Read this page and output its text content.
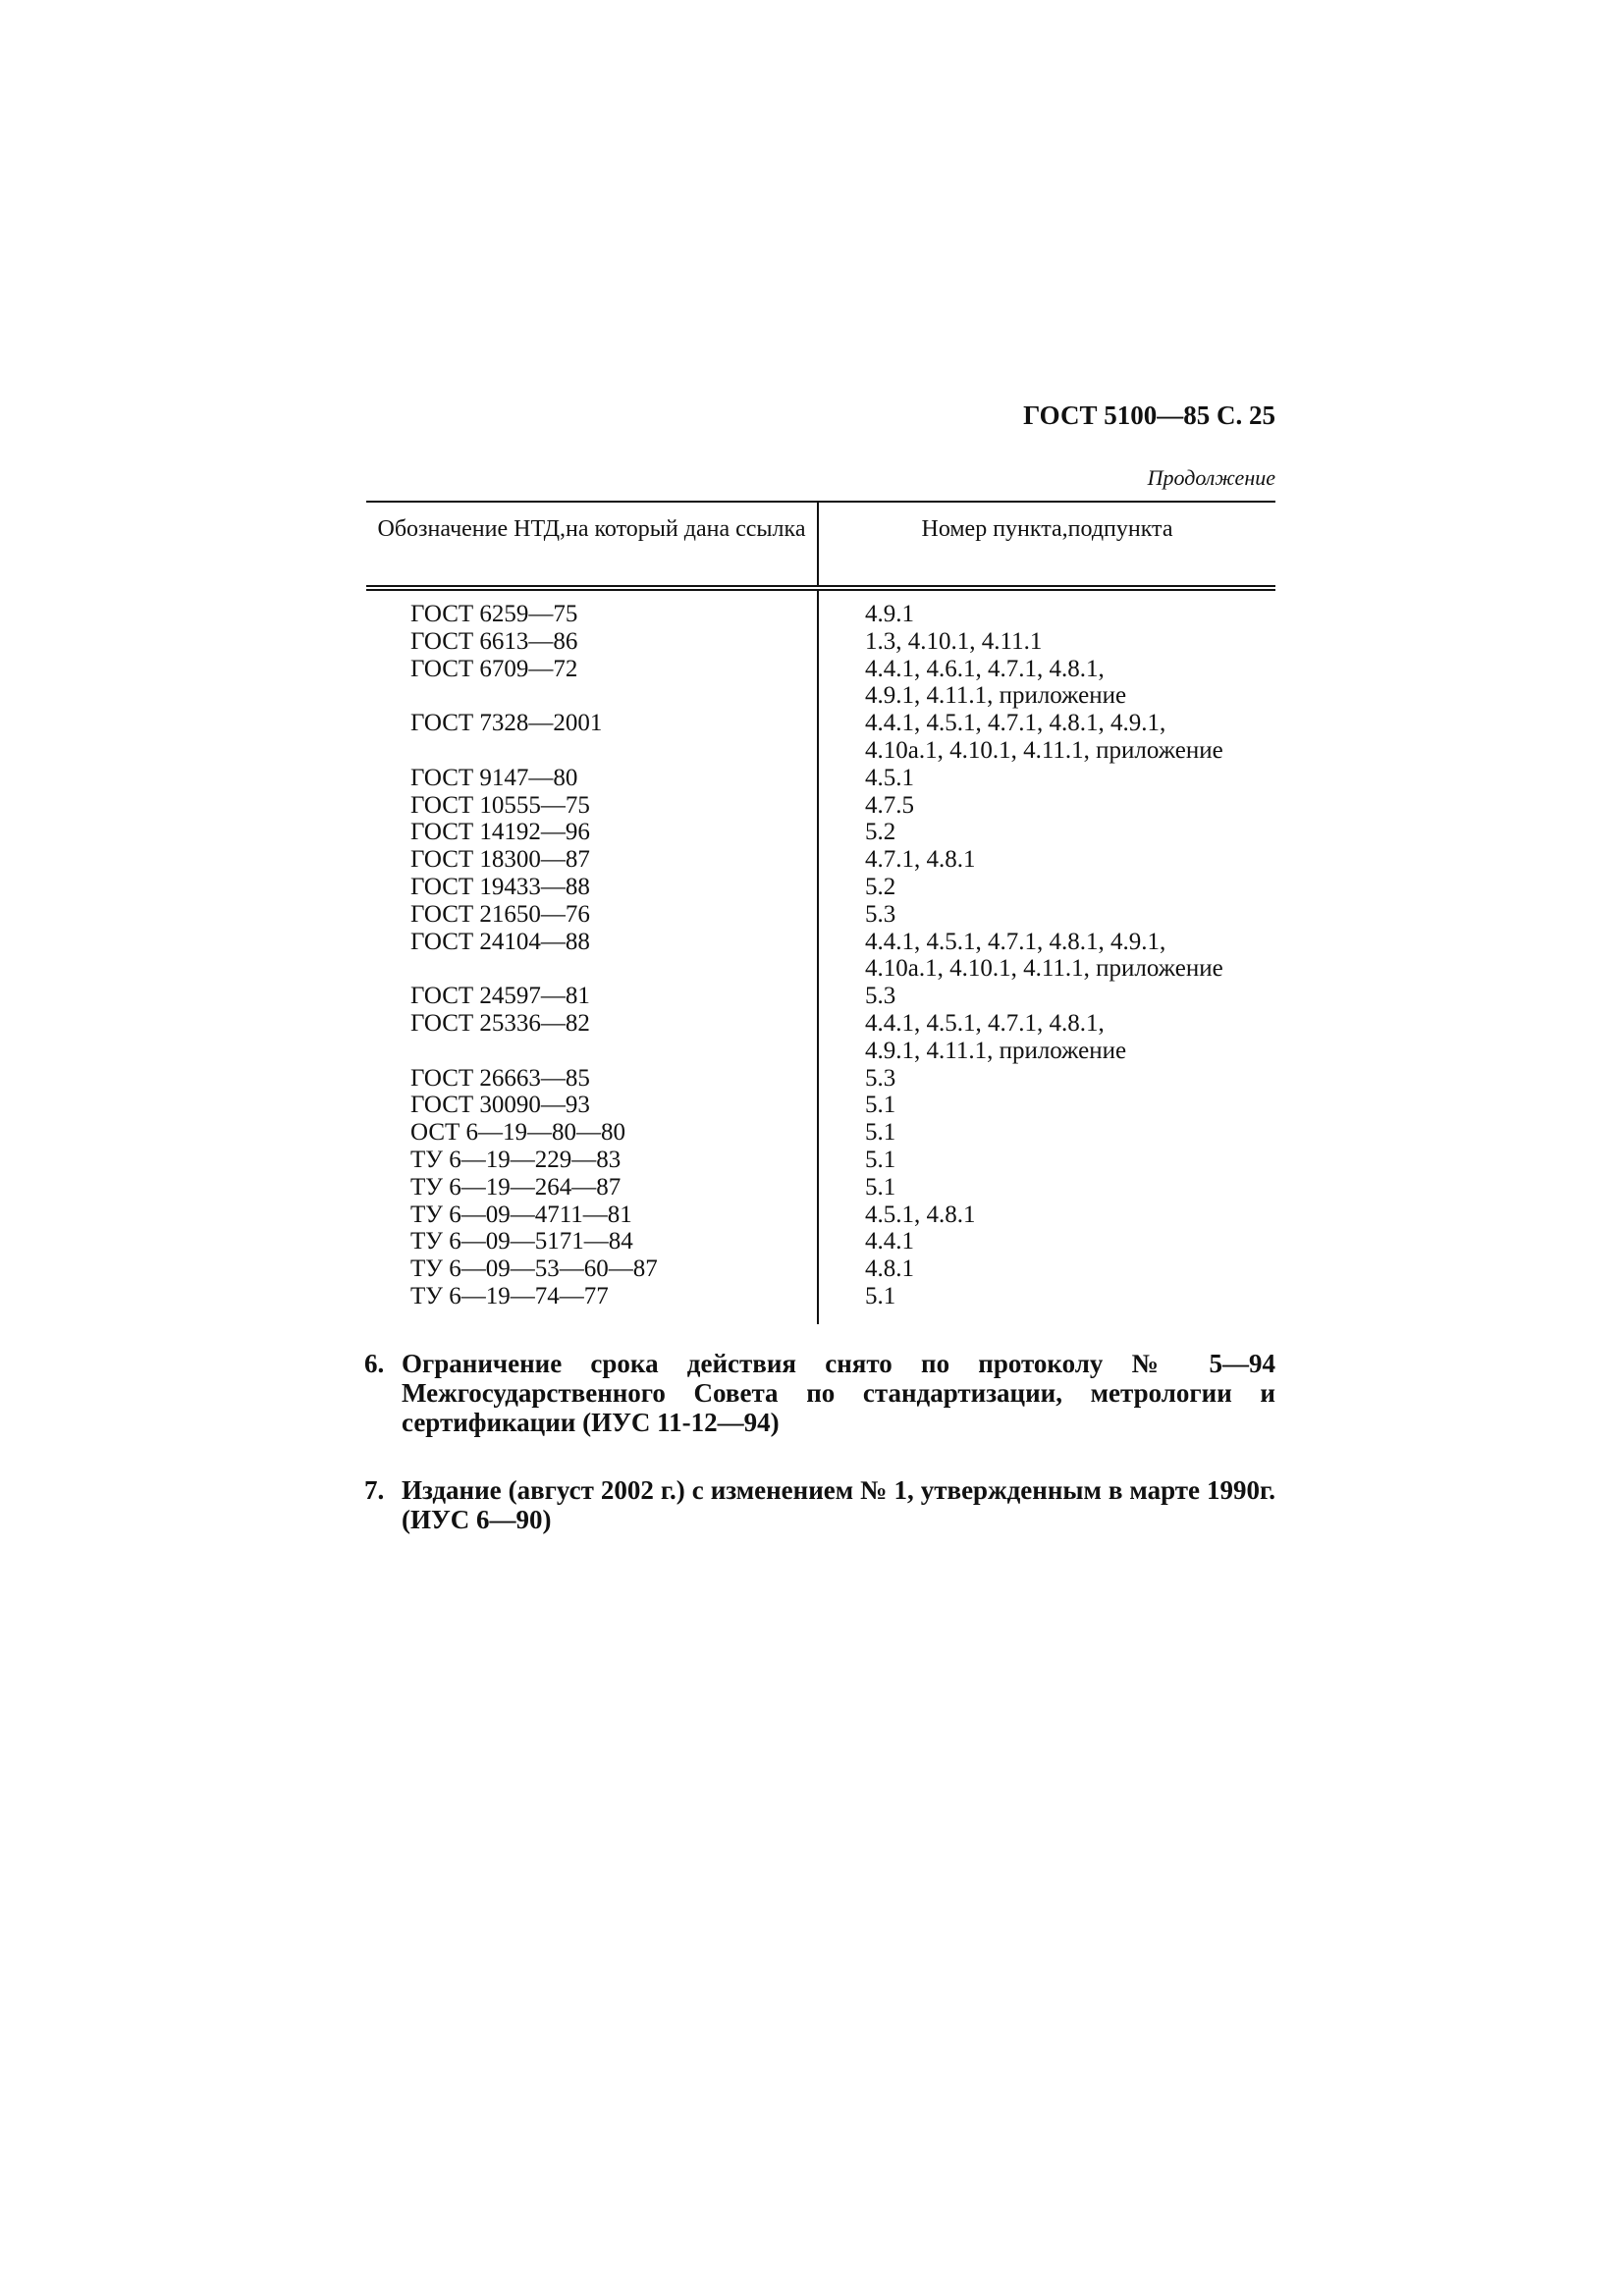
ГОСТ 5100—85 С. 25
Продолжение
Обозначение НТД,на который дана ссылка	Номер пункта,подпункта
ГОСТ 6259—75
ГОСТ 6613—86
ГОСТ 6709—72

ГОСТ 7328—2001

ГОСТ 9147—80
ГОСТ 10555—75
ГОСТ 14192—96
ГОСТ 18300—87
ГОСТ 19433—88
ГОСТ 21650—76
ГОСТ 24104—88

ГОСТ 24597—81
ГОСТ 25336—82

ГОСТ 26663—85
ГОСТ 30090—93
ОСТ 6—19—80—80
ТУ 6—19—229—83
ТУ 6—19—264—87
ТУ 6—09—4711—81
ТУ 6—09—5171—84
ТУ 6—09—53—60—87
ТУ 6—19—74—77
4.9.1
1.3, 4.10.1, 4.11.1
4.4.1, 4.6.1, 4.7.1, 4.8.1,
4.9.1, 4.11.1, приложение
4.4.1, 4.5.1, 4.7.1, 4.8.1, 4.9.1,
4.10а.1, 4.10.1, 4.11.1, приложение
4.5.1
4.7.5
5.2
4.7.1, 4.8.1
5.2
5.3
4.4.1, 4.5.1, 4.7.1, 4.8.1, 4.9.1,
4.10а.1, 4.10.1, 4.11.1, приложение
5.3
4.4.1, 4.5.1, 4.7.1, 4.8.1,
4.9.1, 4.11.1, приложение
5.3
5.1
5.1
5.1
5.1
4.5.1, 4.8.1
4.4.1
4.8.1
5.1
6. Ограничение срока действия снято по протоколу № 5—94 Межгосударственного Совета по стандартизации, метрологии и сертификации (ИУС 11-12—94)
7. Издание (август 2002 г.) с изменением № 1, утвержденным в марте 1990г. (ИУС 6—90)
